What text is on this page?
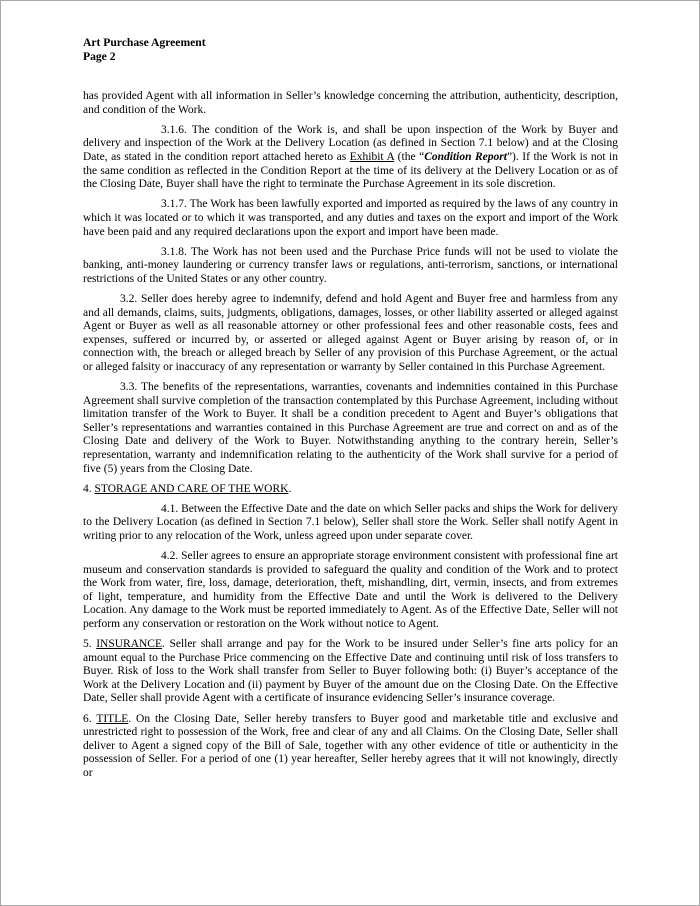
Art Purchase Agreement
Page 2

has provided Agent with all information in Seller’s knowledge concerning the attribution, authenticity, description, and condition of the Work.

3.1.6. The condition of the Work is, and shall be upon inspection of the Work by Buyer and delivery and inspection of the Work at the Delivery Location (as defined in Section 7.1 below) and at the Closing Date, as stated in the condition report attached hereto as Exhibit A (the “Condition Report”). If the Work is not in the same condition as reflected in the Condition Report at the time of its delivery at the Delivery Location or as of the Closing Date, Buyer shall have the right to terminate the Purchase Agreement in its sole discretion.

3.1.7. The Work has been lawfully exported and imported as required by the laws of any country in which it was located or to which it was transported, and any duties and taxes on the export and import of the Work have been paid and any required declarations upon the export and import have been made.

3.1.8. The Work has not been used and the Purchase Price funds will not be used to violate the banking, anti-money laundering or currency transfer laws or regulations, anti-terrorism, sanctions, or international restrictions of the United States or any other country.

3.2. Seller does hereby agree to indemnify, defend and hold Agent and Buyer free and harmless from any and all demands, claims, suits, judgments, obligations, damages, losses, or other liability asserted or alleged against Agent or Buyer as well as all reasonable attorney or other professional fees and other reasonable costs, fees and expenses, suffered or incurred by, or asserted or alleged against Agent or Buyer arising by reason of, or in connection with, the breach or alleged breach by Seller of any provision of this Purchase Agreement, or the actual or alleged falsity or inaccuracy of any representation or warranty by Seller contained in this Purchase Agreement.

3.3. The benefits of the representations, warranties, covenants and indemnities contained in this Purchase Agreement shall survive completion of the transaction contemplated by this Purchase Agreement, including without limitation transfer of the Work to Buyer. It shall be a condition precedent to Agent and Buyer’s obligations that Seller’s representations and warranties contained in this Purchase Agreement are true and correct on and as of the Closing Date and delivery of the Work to Buyer. Notwithstanding anything to the contrary herein, Seller’s representation, warranty and indemnification relating to the authenticity of the Work shall survive for a period of five (5) years from the Closing Date.

4. STORAGE AND CARE OF THE WORK.

4.1. Between the Effective Date and the date on which Seller packs and ships the Work for delivery to the Delivery Location (as defined in Section 7.1 below), Seller shall store the Work. Seller shall notify Agent in writing prior to any relocation of the Work, unless agreed upon under separate cover.

4.2. Seller agrees to ensure an appropriate storage environment consistent with professional fine art museum and conservation standards is provided to safeguard the quality and condition of the Work and to protect the Work from water, fire, loss, damage, deterioration, theft, mishandling, dirt, vermin, insects, and from extremes of light, temperature, and humidity from the Effective Date and until the Work is delivered to the Delivery Location. Any damage to the Work must be reported immediately to Agent. As of the Effective Date, Seller will not perform any conservation or restoration on the Work without notice to Agent.

5. INSURANCE. Seller shall arrange and pay for the Work to be insured under Seller’s fine arts policy for an amount equal to the Purchase Price commencing on the Effective Date and continuing until risk of loss transfers to Buyer. Risk of loss to the Work shall transfer from Seller to Buyer following both: (i) Buyer’s acceptance of the Work at the Delivery Location and (ii) payment by Buyer of the amount due on the Closing Date. On the Effective Date, Seller shall provide Agent with a certificate of insurance evidencing Seller’s insurance coverage.

6. TITLE. On the Closing Date, Seller hereby transfers to Buyer good and marketable title and exclusive and unrestricted right to possession of the Work, free and clear of any and all Claims. On the Closing Date, Seller shall deliver to Agent a signed copy of the Bill of Sale, together with any other evidence of title or authenticity in the possession of Seller. For a period of one (1) year hereafter, Seller hereby agrees that it will not knowingly, directly or
